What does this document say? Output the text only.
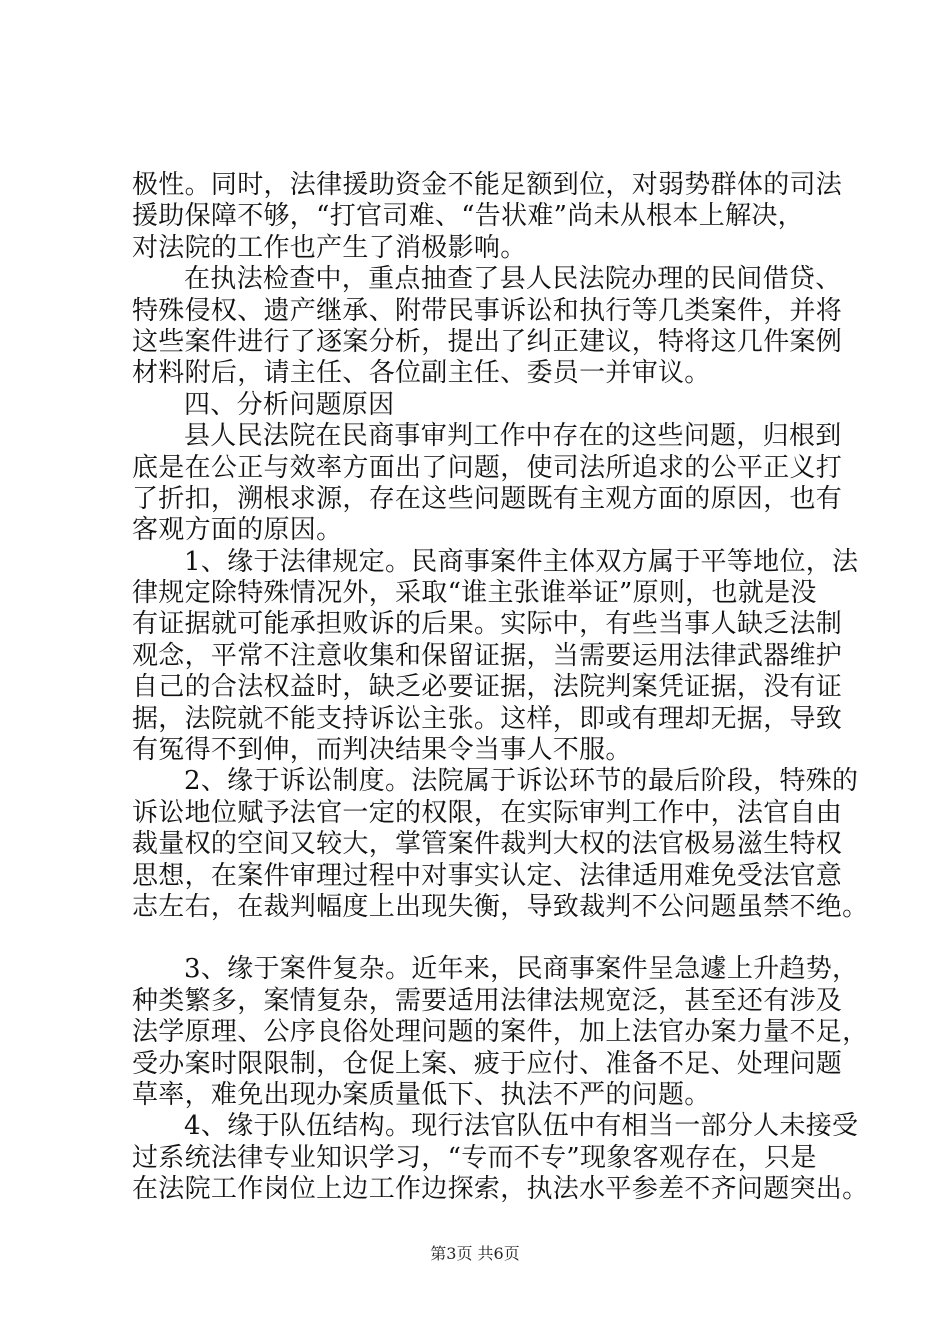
极性。同时，法律援助资金不能足额到位，对弱势群体的司法
援助保障不够，“打官司难、“告状难”尚未从根本上解决，
对法院的工作也产生了消极影响。
在执法检查中，重点抽查了县人民法院办理的民间借贷、
特殊侵权、遗产继承、附带民事诉讼和执行等几类案件，并将
这些案件进行了逐案分析，提出了纠正建议，特将这几件案例
材料附后，请主任、各位副主任、委员一并审议。
四、分析问题原因
县人民法院在民商事审判工作中存在的这些问题，归根到
底是在公正与效率方面出了问题，使司法所追求的公平正义打
了折扣，溯根求源，存在这些问题既有主观方面的原因，也有
客观方面的原因。
1、缘于法律规定。民商事案件主体双方属于平等地位，法
律规定除特殊情况外，采取“谁主张谁举证”原则，也就是没
有证据就可能承担败诉的后果。实际中，有些当事人缺乏法制
观念，平常不注意收集和保留证据，当需要运用法律武器维护
自己的合法权益时，缺乏必要证据，法院判案凭证据，没有证
据，法院就不能支持诉讼主张。这样，即或有理却无据，导致
有冤得不到伸，而判决结果令当事人不服。
2、缘于诉讼制度。法院属于诉讼环节的最后阶段，特殊的
诉讼地位赋予法官一定的权限，在实际审判工作中，法官自由
裁量权的空间又较大，掌管案件裁判大权的法官极易滋生特权
思想，在案件审理过程中对事实认定、法律适用难免受法官意
志左右，在裁判幅度上出现失衡，导致裁判不公问题虽禁不绝。
3、缘于案件复杂。近年来，民商事案件呈急遽上升趋势，
种类繁多，案情复杂，需要适用法律法规宽泛，甚至还有涉及
法学原理、公序良俗处理问题的案件，加上法官办案力量不足，
受办案时限限制，仓促上案、疲于应付、准备不足、处理问题
草率，难免出现办案质量低下、执法不严的问题。
4、缘于队伍结构。现行法官队伍中有相当一部分人未接受
过系统法律专业知识学习，“专而不专”现象客观存在，只是
在法院工作岗位上边工作边探索，执法水平参差不齐问题突出。
第3页 共6页
